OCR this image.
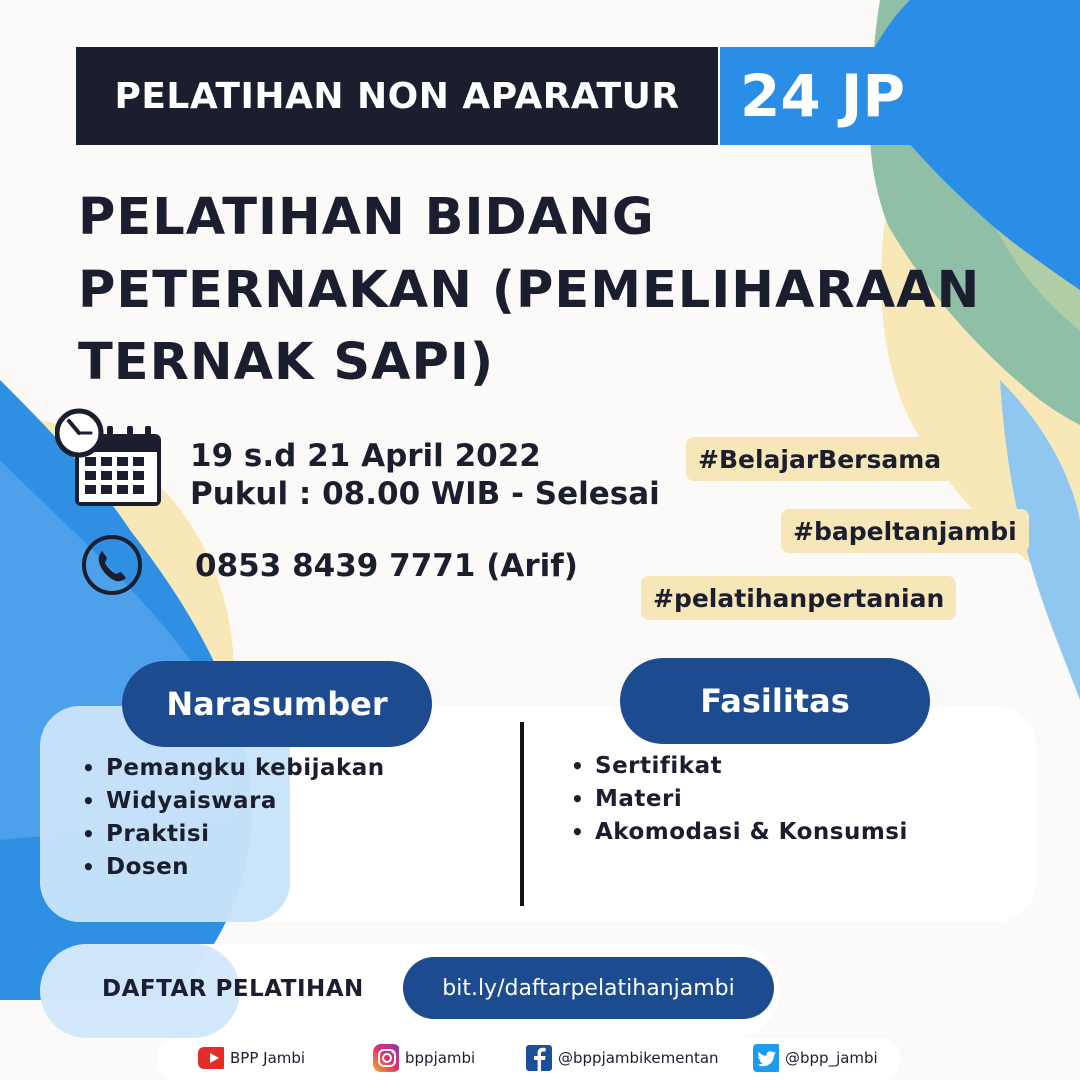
PELATIHAN NON APARATUR	24 JP
PELATIHAN BIDANG
PETERNAKAN (PEMELIHARAAN
TERNAK SAPI)
19 s.d 21 April 2022
Pukul : 08.00 WIB - Selesai
0853 8439 7771 (Arif)
#BelajarBersama
#bapeltanjambi
#pelatihanpertanian
Narasumber
• Pemangku kebijakan
• Widyaiswara
• Praktisi
• Dosen
Fasilitas
• Sertifikat
• Materi
• Akomodasi & Konsumsi
DAFTAR PELATIHAN	bit.ly/daftarpelatihanjambi
BPP Jambi	bppjambi	@bppjambikementan	@bpp_jambi
